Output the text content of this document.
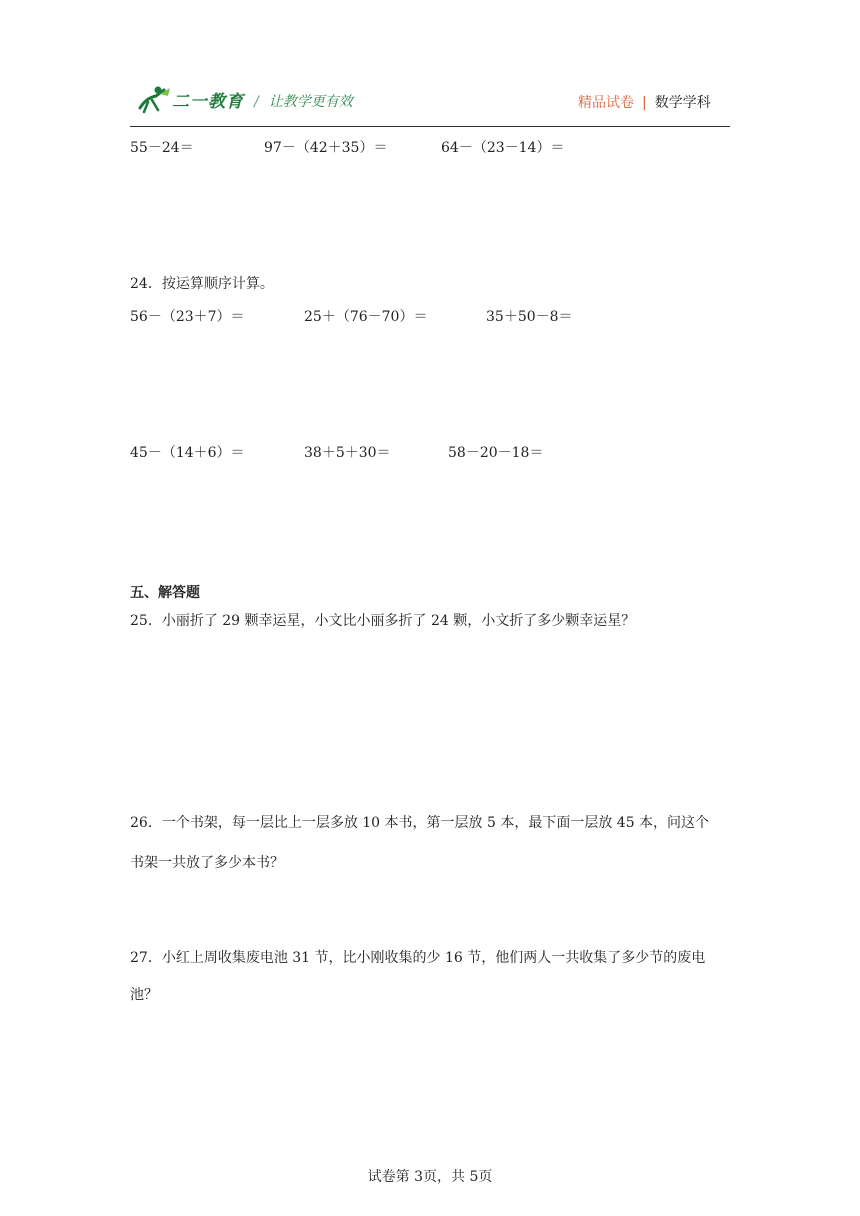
二一教育 / 让教学更有效	精品试卷 | 数学学科
55－24＝	97－（42＋35）＝	64－（23－14）＝
24．按运算顺序计算。
56－（23＋7）＝	25＋（76－70）＝	35＋50－8＝
45－（14＋6）＝	38＋5＋30＝	58－20－18＝
五、解答题
25．小丽折了 29 颗幸运星，小文比小丽多折了 24 颗，小文折了多少颗幸运星？
26．一个书架，每一层比上一层多放 10 本书，第一层放 5 本，最下面一层放 45 本，问这个
书架一共放了多少本书？
27．小红上周收集废电池 31 节，比小刚收集的少 16 节，他们两人一共收集了多少节的废电
池？
试卷第 3页，共 5页
